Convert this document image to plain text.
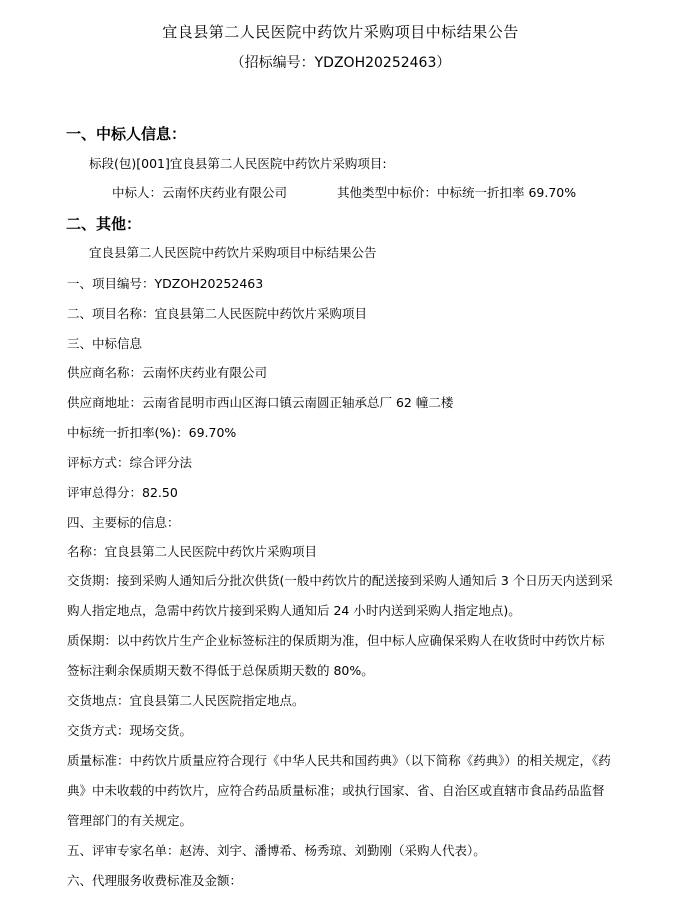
宜良县第二人民医院中药饮片采购项目中标结果公告
（招标编号：YDZOH20252463）
一、中标人信息：
标段(包)[001]宜良县第二人民医院中药饮片采购项目:
中标人：云南怀庆药业有限公司	其他类型中标价：中标统一折扣率 69.70%
二、其他：
宜良县第二人民医院中药饮片采购项目中标结果公告
一、项目编号：YDZOH20252463
二、项目名称：宜良县第二人民医院中药饮片采购项目
三、中标信息
供应商名称：云南怀庆药业有限公司
供应商地址：云南省昆明市西山区海口镇云南圆正轴承总厂 62 幢二楼
中标统一折扣率(%)：69.70%
评标方式：综合评分法
评审总得分：82.50
四、主要标的信息：
名称：宜良县第二人民医院中药饮片采购项目
交货期：接到采购人通知后分批次供货(一般中药饮片的配送接到采购人通知后 3 个日历天内送到采购人指定地点，急需中药饮片接到采购人通知后 24 小时内送到采购人指定地点)。
质保期：以中药饮片生产企业标签标注的保质期为准，但中标人应确保采购人在收货时中药饮片标签标注剩余保质期天数不得低于总保质期天数的 80%。
交货地点：宜良县第二人民医院指定地点。
交货方式：现场交货。
质量标准：中药饮片质量应符合现行《中华人民共和国药典》（以下简称《药典》）的相关规定，《药典》中未收载的中药饮片，应符合药品质量标准；或执行国家、省、自治区或直辖市食品药品监督管理部门的有关规定。
五、评审专家名单：赵涛、刘宇、潘博希、杨秀琼、刘勤刚（采购人代表）。
六、代理服务收费标准及金额：
